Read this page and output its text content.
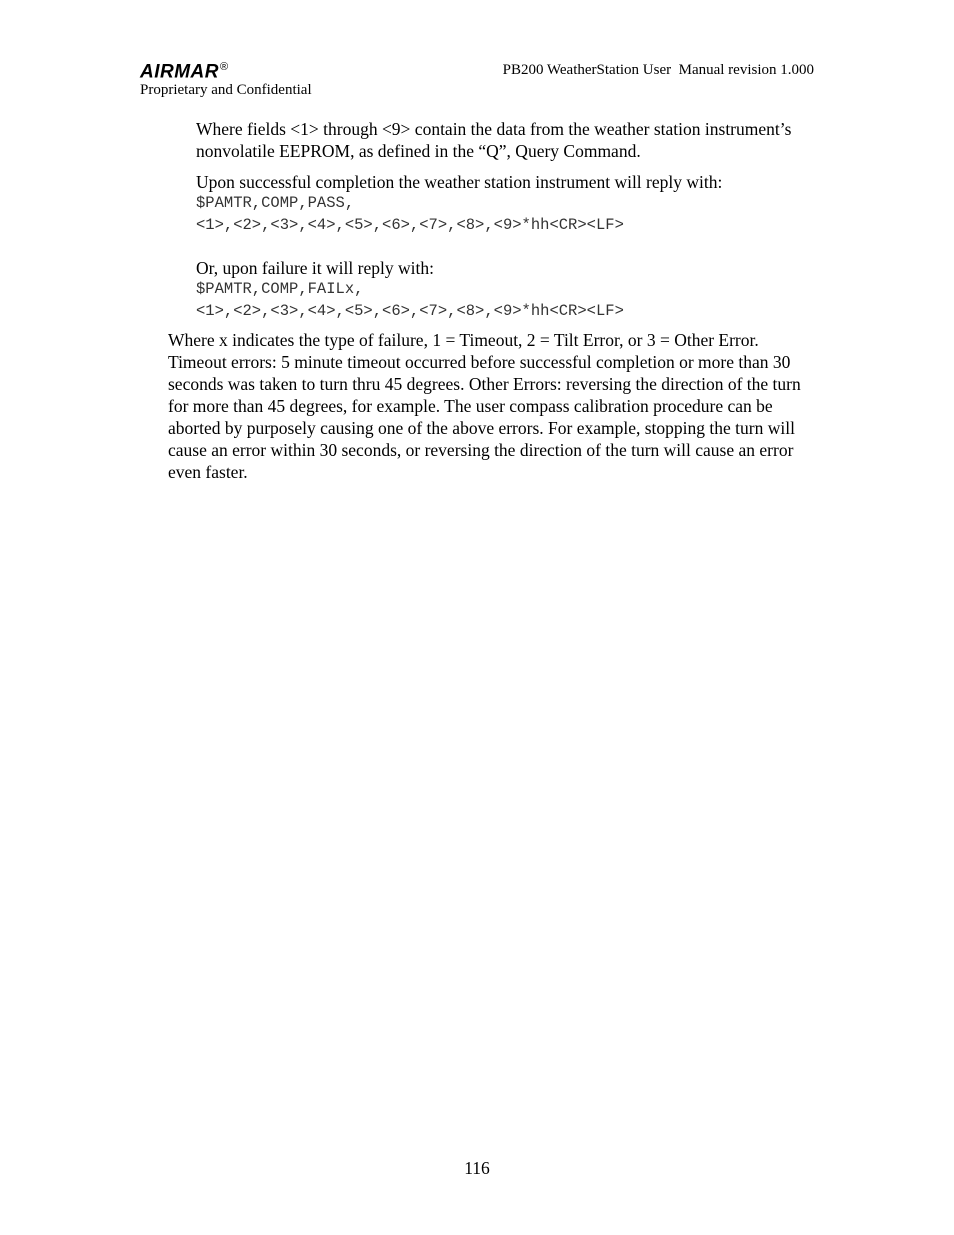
AIRMAR®
Proprietary and Confidential
PB200 WeatherStation User  Manual revision 1.000

Where fields <1> through <9> contain the data from the weather station instrument’s nonvolatile EEPROM, as defined in the “Q”, Query Command.

Upon successful completion the weather station instrument will reply with:

$PAMTR,COMP,PASS,
<1>,<2>,<3>,<4>,<5>,<6>,<7>,<8>,<9>*hh<CR><LF>

Or, upon failure it will reply with:

$PAMTR,COMP,FAILx,
<1>,<2>,<3>,<4>,<5>,<6>,<7>,<8>,<9>*hh<CR><LF>

Where x indicates the type of failure, 1 = Timeout, 2 = Tilt Error, or 3 = Other Error. Timeout errors: 5 minute timeout occurred before successful completion or more than 30 seconds was taken to turn thru 45 degrees. Other Errors: reversing the direction of the turn for more than 45 degrees, for example. The user compass calibration procedure can be aborted by purposely causing one of the above errors. For example, stopping the turn will cause an error within 30 seconds, or reversing the direction of the turn will cause an error even faster.

116
